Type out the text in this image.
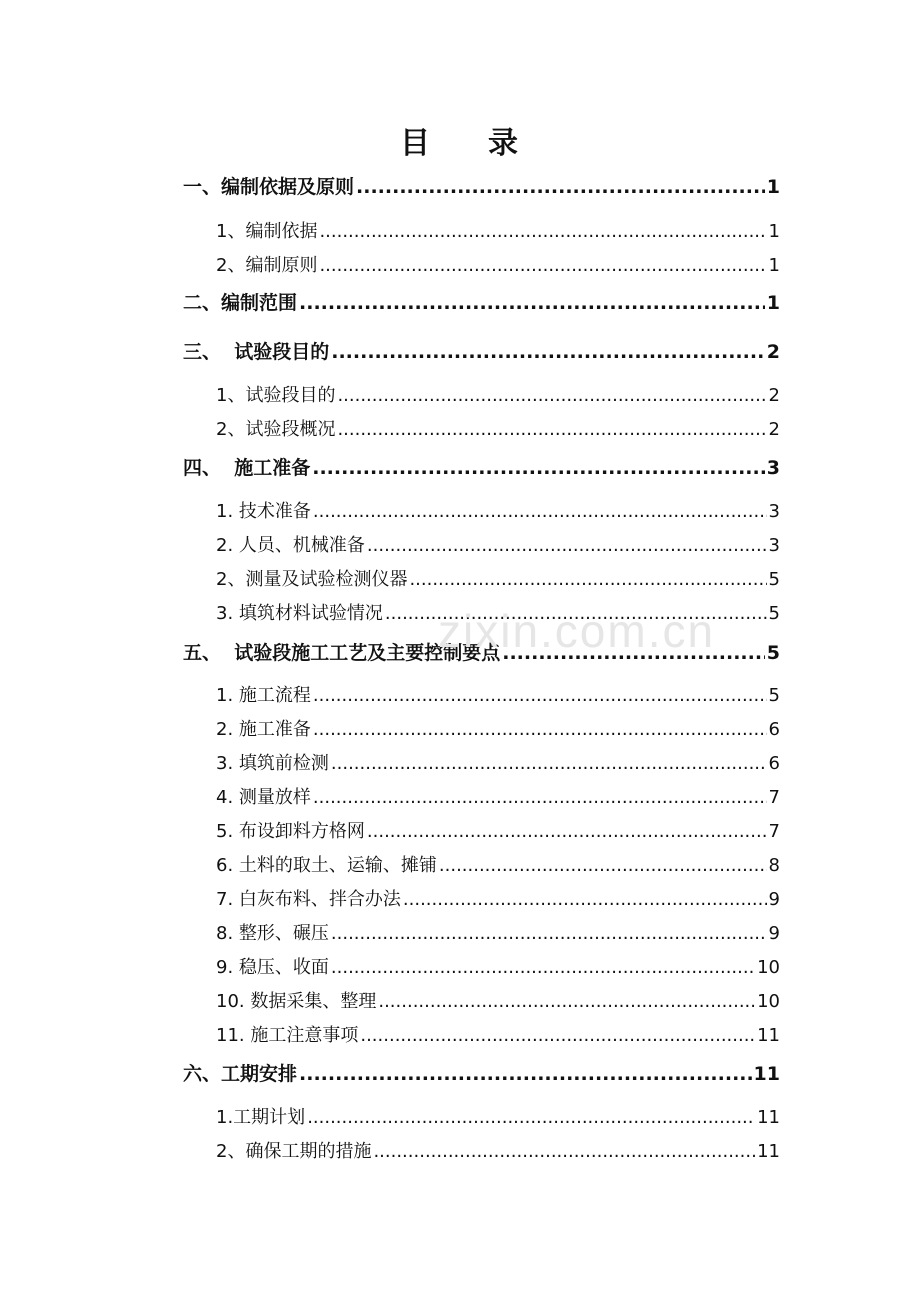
目 录
一、编制依据及原则 .....	1
1、编制依据 .....	1
2、编制原则 .....	1
二、编制范围 .....	1
三、  试验段目的 .....	2
1、试验段目的 .....	2
2、试验段概况 .....	2
四、  施工准备 .....	3
1. 技术准备 .....	3
2. 人员、机械准备 .....	3
2、测量及试验检测仪器 .....	5
3. 填筑材料试验情况 .....	5
五、  试验段施工工艺及主要控制要点 .....	5
1. 施工流程 .....	5
2. 施工准备 .....	6
3. 填筑前检测 .....	6
4. 测量放样 .....	7
5. 布设卸料方格网 .....	7
6. 土料的取土、运输、摊铺 .....	8
7. 白灰布料、拌合办法 .....	9
8. 整形、碾压 .....	9
9. 稳压、收面 .....	10
10. 数据采集、整理 .....	10
11. 施工注意事项 .....	11
六、工期安排 .....	11
1.工期计划 .....	11
2、确保工期的措施 .....	11
zixin.com.cn
